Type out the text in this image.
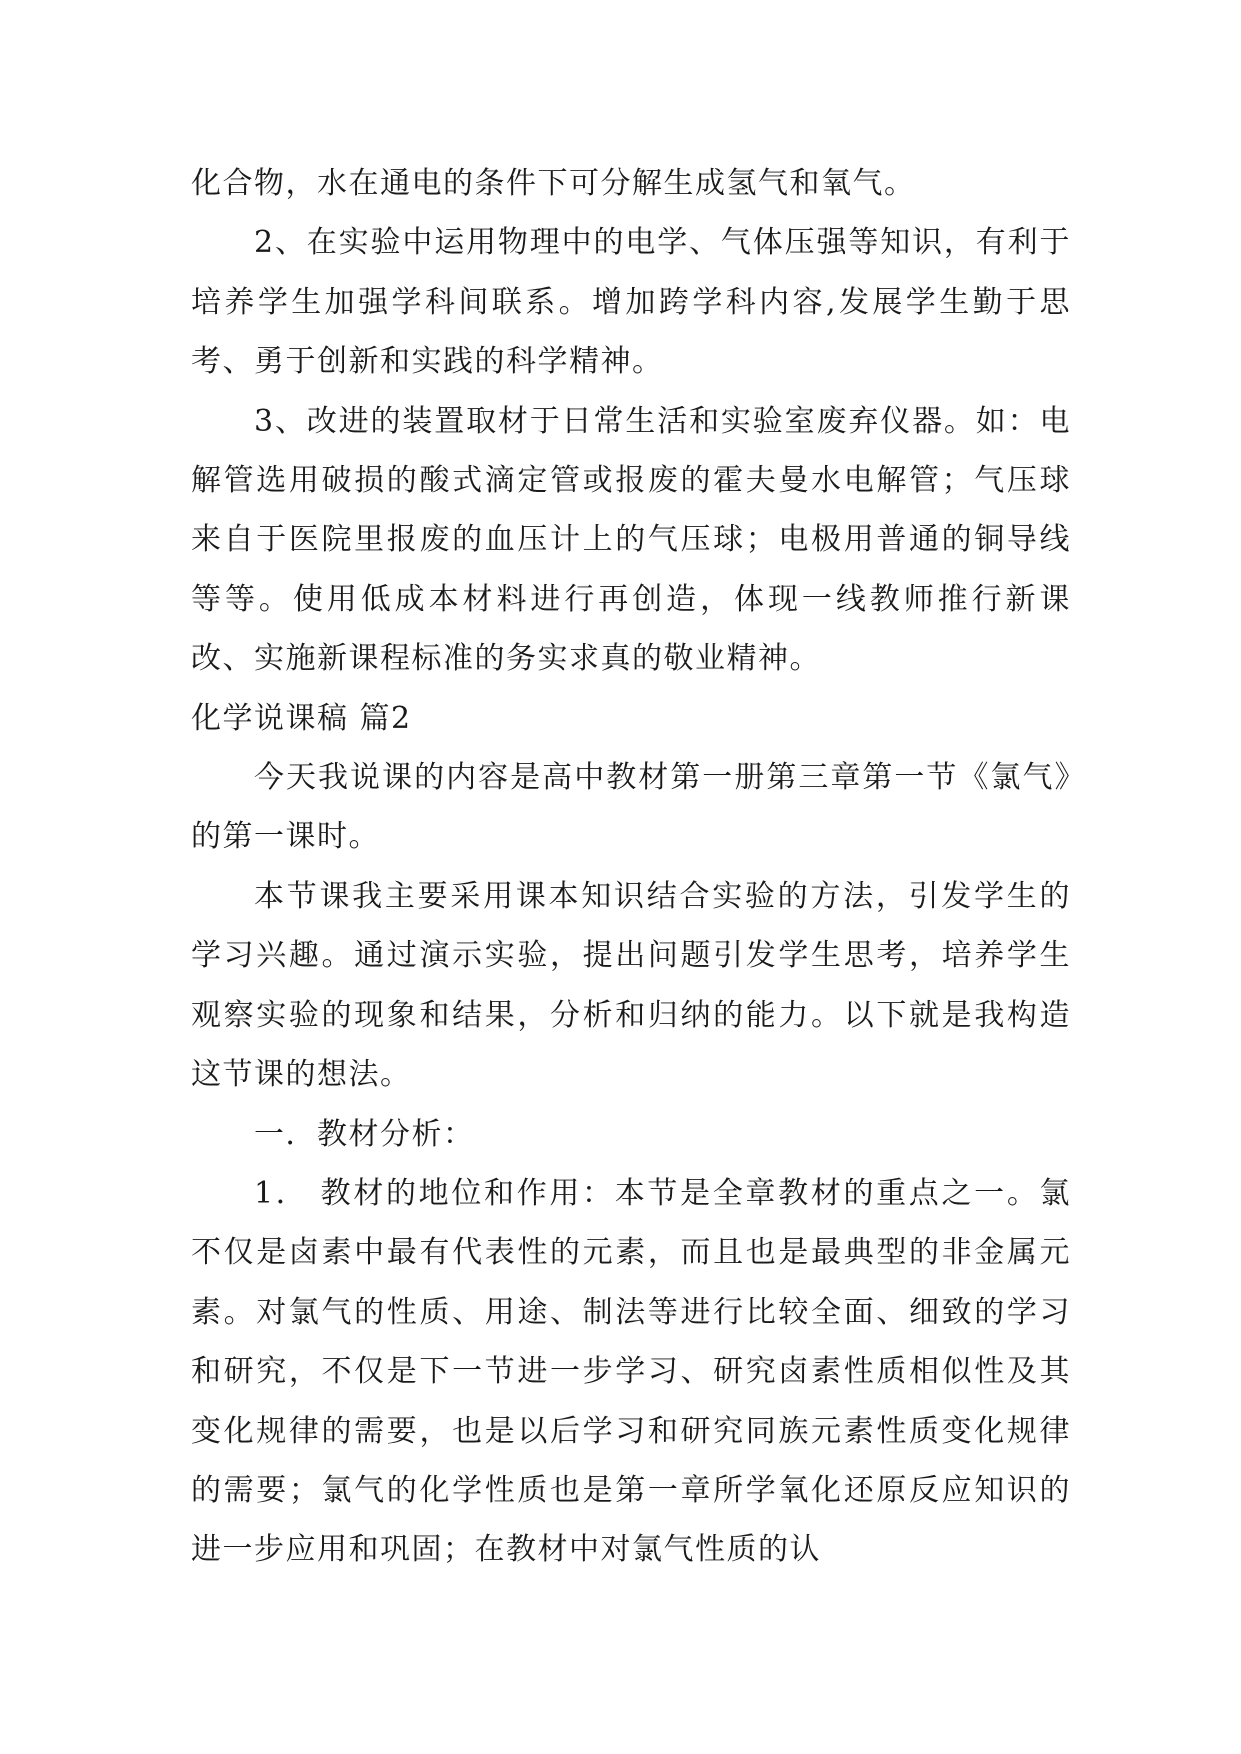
化合物，水在通电的条件下可分解生成氢气和氧气。

2、在实验中运用物理中的电学、气体压强等知识，有利于培养学生加强学科间联系。增加跨学科内容,发展学生勤于思考、勇于创新和实践的科学精神。

3、改进的装置取材于日常生活和实验室废弃仪器。如：电解管选用破损的酸式滴定管或报废的霍夫曼水电解管；气压球来自于医院里报废的血压计上的气压球；电极用普通的铜导线等等。使用低成本材料进行再创造，体现一线教师推行新课改、实施新课程标准的务实求真的敬业精神。

化学说课稿 篇2

今天我说课的内容是高中教材第一册第三章第一节《氯气》的第一课时。

本节课我主要采用课本知识结合实验的方法，引发学生的学习兴趣。通过演示实验，提出问题引发学生思考，培养学生观察实验的现象和结果，分析和归纳的能力。以下就是我构造这节课的想法。

一．教材分析：

1． 教材的地位和作用：本节是全章教材的重点之一。氯不仅是卤素中最有代表性的元素，而且也是最典型的非金属元素。对氯气的性质、用途、制法等进行比较全面、细致的学习和研究，不仅是下一节进一步学习、研究卤素性质相似性及其变化规律的需要，也是以后学习和研究同族元素性质变化规律的需要；氯气的化学性质也是第一章所学氧化还原反应知识的进一步应用和巩固；在教材中对氯气性质的认
